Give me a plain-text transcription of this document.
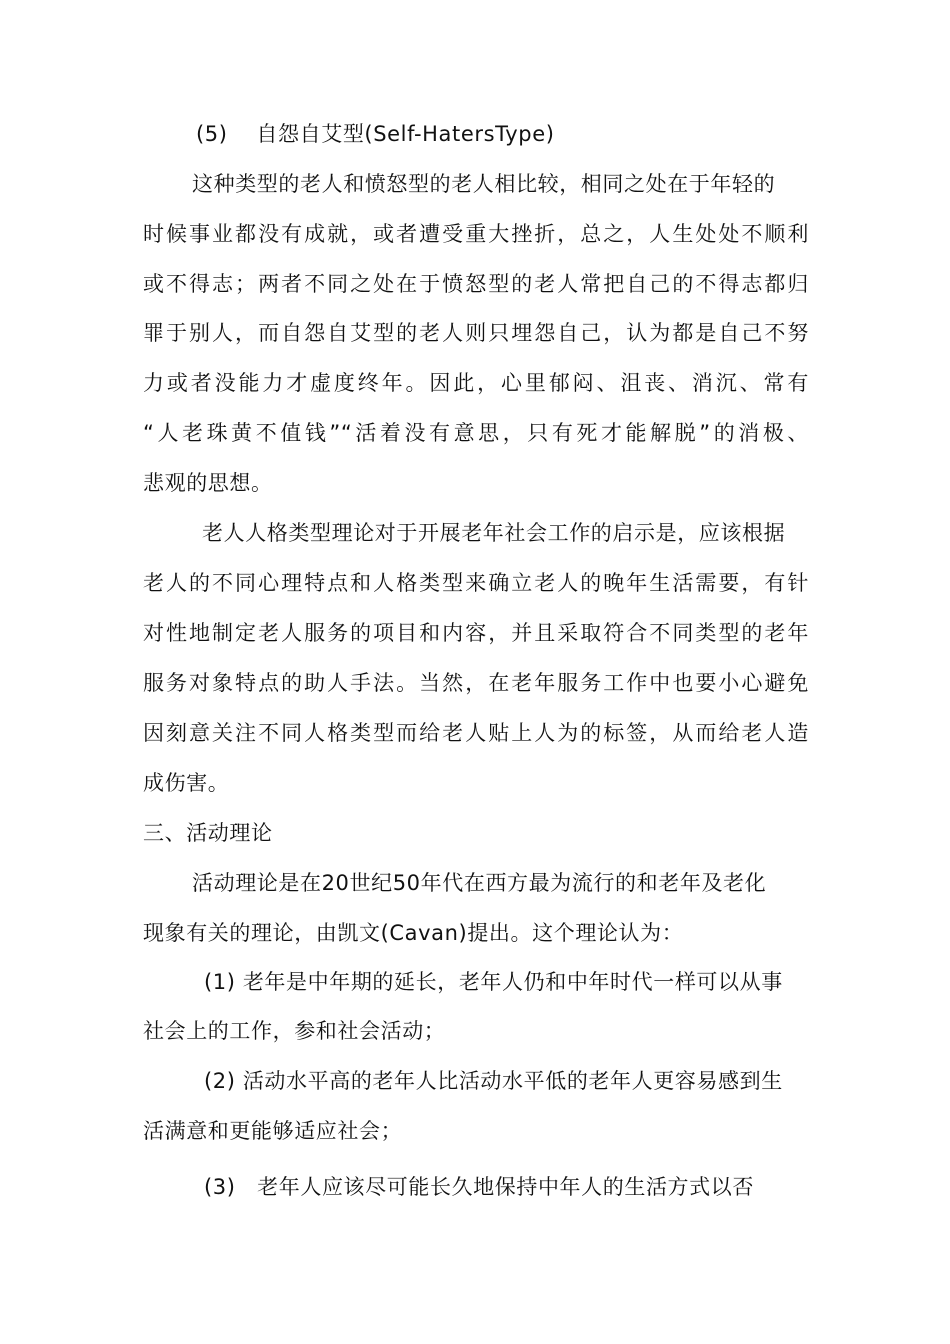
(5)　 自怨自艾型(Self-HatersType)
这种类型的老人和愤怒型的老人相比较，相同之处在于年轻的
时候事业都没有成就，或者遭受重大挫折，总之，人生处处不顺利
或不得志；两者不同之处在于愤怒型的老人常把自己的不得志都归
罪于别人，而自怨自艾型的老人则只埋怨自己，认为都是自己不努
力或者没能力才虚度终年。因此，心里郁闷、沮丧、消沉、常有
“人老珠黄不值钱”“活着没有意思，只有死才能解脱”的消极、
悲观的思想。
老人人格类型理论对于开展老年社会工作的启示是，应该根据
老人的不同心理特点和人格类型来确立老人的晚年生活需要，有针
对性地制定老人服务的项目和内容，并且采取符合不同类型的老年
服务对象特点的助人手法。当然，在老年服务工作中也要小心避免
因刻意关注不同人格类型而给老人贴上人为的标签，从而给老人造
成伤害。
三、活动理论
活动理论是在20世纪50年代在西方最为流行的和老年及老化
现象有关的理论，由凯文(Cavan)提出。这个理论认为：
(1) 老年是中年期的延长，老年人仍和中年时代一样可以从事
社会上的工作，参和社会活动；
(2) 活动水平高的老年人比活动水平低的老年人更容易感到生
活满意和更能够适应社会；
(3)　老年人应该尽可能长久地保持中年人的生活方式以否
